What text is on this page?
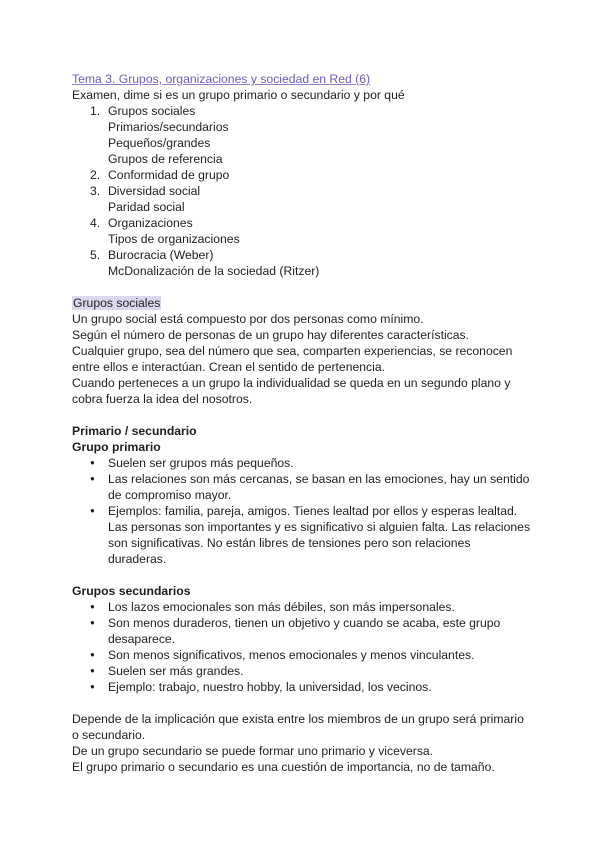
Tema 3. Grupos, organizaciones y sociedad en Red (6)
Examen, dime si es un grupo primario o secundario y por qué
1. Grupos sociales
Primarios/secundarios
Pequeños/grandes
Grupos de referencia
2. Conformidad de grupo
3. Diversidad social
Paridad social
4. Organizaciones
Tipos de organizaciones
5. Burocracia (Weber)
McDonalización de la sociedad (Ritzer)
Grupos sociales
Un grupo social está compuesto por dos personas como mínimo.
Según el número de personas de un grupo hay diferentes características.
Cualquier grupo, sea del número que sea, comparten experiencias, se reconocen entre ellos e interactúan. Crean el sentido de pertenencia.
Cuando perteneces a un grupo la individualidad se queda en un segundo plano y cobra fuerza la idea del nosotros.
Primario / secundario
Grupo primario
● Suelen ser grupos más pequeños.
● Las relaciones son más cercanas, se basan en las emociones, hay un sentido de compromiso mayor.
● Ejemplos: familia, pareja, amigos. Tienes lealtad por ellos y esperas lealtad. Las personas son importantes y es significativo si alguien falta. Las relaciones son significativas. No están libres de tensiones pero son relaciones duraderas.
Grupos secundarios
● Los lazos emocionales son más débiles, son más impersonales.
● Son menos duraderos, tienen un objetivo y cuando se acaba, este grupo desaparece.
● Son menos significativos, menos emocionales y menos vinculantes.
● Suelen ser más grandes.
● Ejemplo: trabajo, nuestro hobby, la universidad, los vecinos.
Depende de la implicación que exista entre los miembros de un grupo será primario o secundario.
De un grupo secundario se puede formar uno primario y viceversa.
El grupo primario o secundario es una cuestión de importancia, no de tamaño.
